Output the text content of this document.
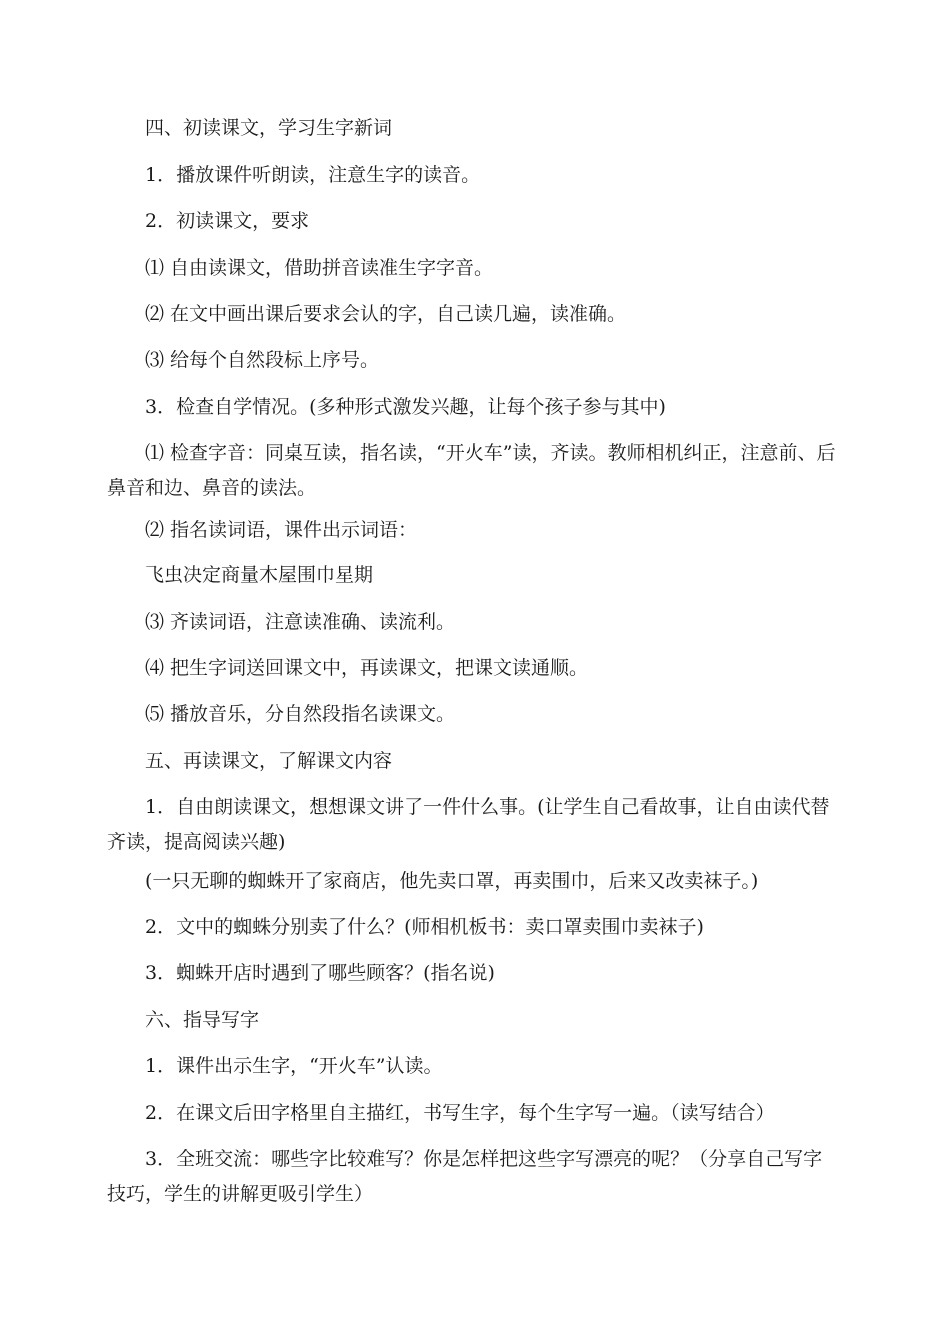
四、初读课文，学习生字新词

1．播放课件听朗读，注意生字的读音。

2．初读课文，要求

⑴ 自由读课文，借助拼音读准生字字音。

⑵ 在文中画出课后要求会认的字，自己读几遍，读准确。

⑶ 给每个自然段标上序号。

3．检查自学情况。(多种形式激发兴趣，让每个孩子参与其中)

⑴ 检查字音：同桌互读，指名读，“开火车”读，齐读。教师相机纠正，注意前、后鼻音和边、鼻音的读法。

⑵ 指名读词语，课件出示词语：

飞虫决定商量木屋围巾星期

⑶ 齐读词语，注意读准确、读流利。

⑷ 把生字词送回课文中，再读课文，把课文读通顺。

⑸ 播放音乐，分自然段指名读课文。

五、再读课文，了解课文内容

1．自由朗读课文，想想课文讲了一件什么事。(让学生自己看故事，让自由读代替齐读，提高阅读兴趣)

(一只无聊的蜘蛛开了家商店，他先卖口罩，再卖围巾，后来又改卖袜子。)

2．文中的蜘蛛分别卖了什么？(师相机板书：卖口罩卖围巾卖袜子)

3．蜘蛛开店时遇到了哪些顾客？(指名说)

六、指导写字

1．课件出示生字，“开火车”认读。

2．在课文后田字格里自主描红，书写生字，每个生字写一遍。（读写结合）

3．全班交流：哪些字比较难写？你是怎样把这些字写漂亮的呢？（分享自己写字技巧，学生的讲解更吸引学生）
